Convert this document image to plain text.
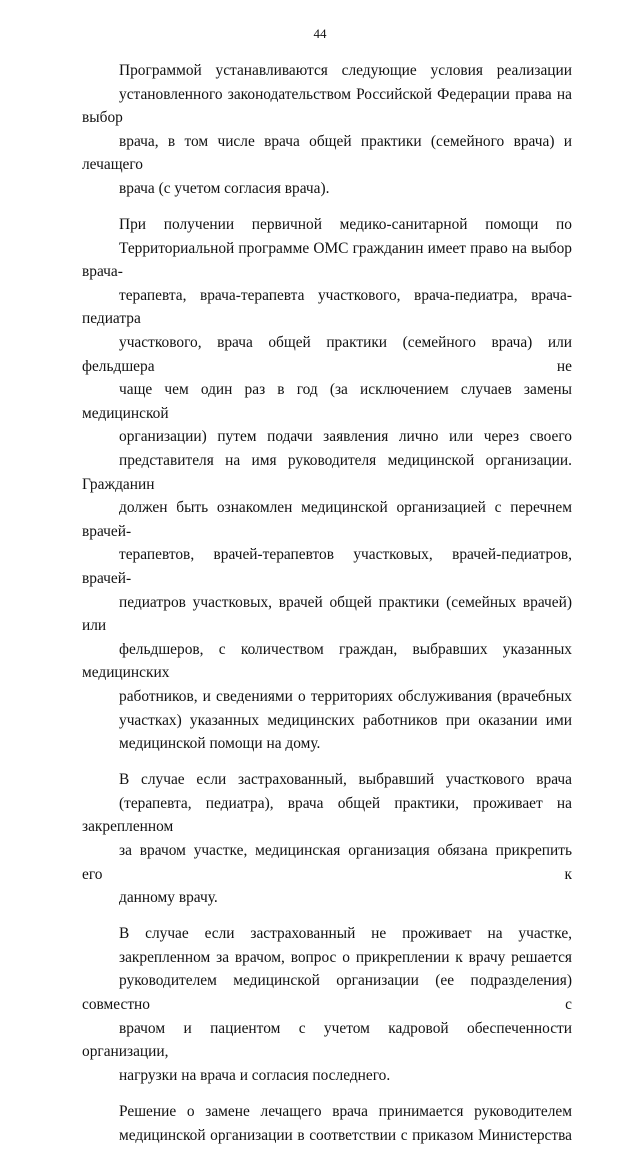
44

Программой устанавливаются следующие условия реализации
установленного законодательством Российской Федерации права на выбор
врача, в том числе врача общей практики (семейного врача) и лечащего
врача (с учетом согласия врача).

При получении первичной медико-санитарной помощи по
Территориальной программе ОМС гражданин имеет право на выбор врача-
терапевта, врача-терапевта участкового, врача-педиатра, врача-педиатра
участкового, врача общей практики (семейного врача) или фельдшера не
чаще чем один раз в год (за исключением случаев замены медицинской
организации) путем подачи заявления лично или через своего
представителя на имя руководителя медицинской организации. Гражданин
должен быть ознакомлен медицинской организацией с перечнем врачей-
терапевтов, врачей-терапевтов участковых, врачей-педиатров, врачей-
педиатров участковых, врачей общей практики (семейных врачей) или
фельдшеров, с количеством граждан, выбравших указанных медицинских
работников, и сведениями о территориях обслуживания (врачебных
участках) указанных медицинских работников при оказании ими
медицинской помощи на дому.

В случае если застрахованный, выбравший участкового врача
(терапевта, педиатра), врача общей практики, проживает на закрепленном
за врачом участке, медицинская организация обязана прикрепить его к
данному врачу.

В случае если застрахованный не проживает на участке,
закрепленном за врачом, вопрос о прикреплении к врачу решается
руководителем медицинской организации (ее подразделения) совместно с
врачом и пациентом с учетом кадровой обеспеченности организации,
нагрузки на врача и согласия последнего.

Решение о замене лечащего врача принимается руководителем
медицинской организации в соответствии с приказом Министерства
